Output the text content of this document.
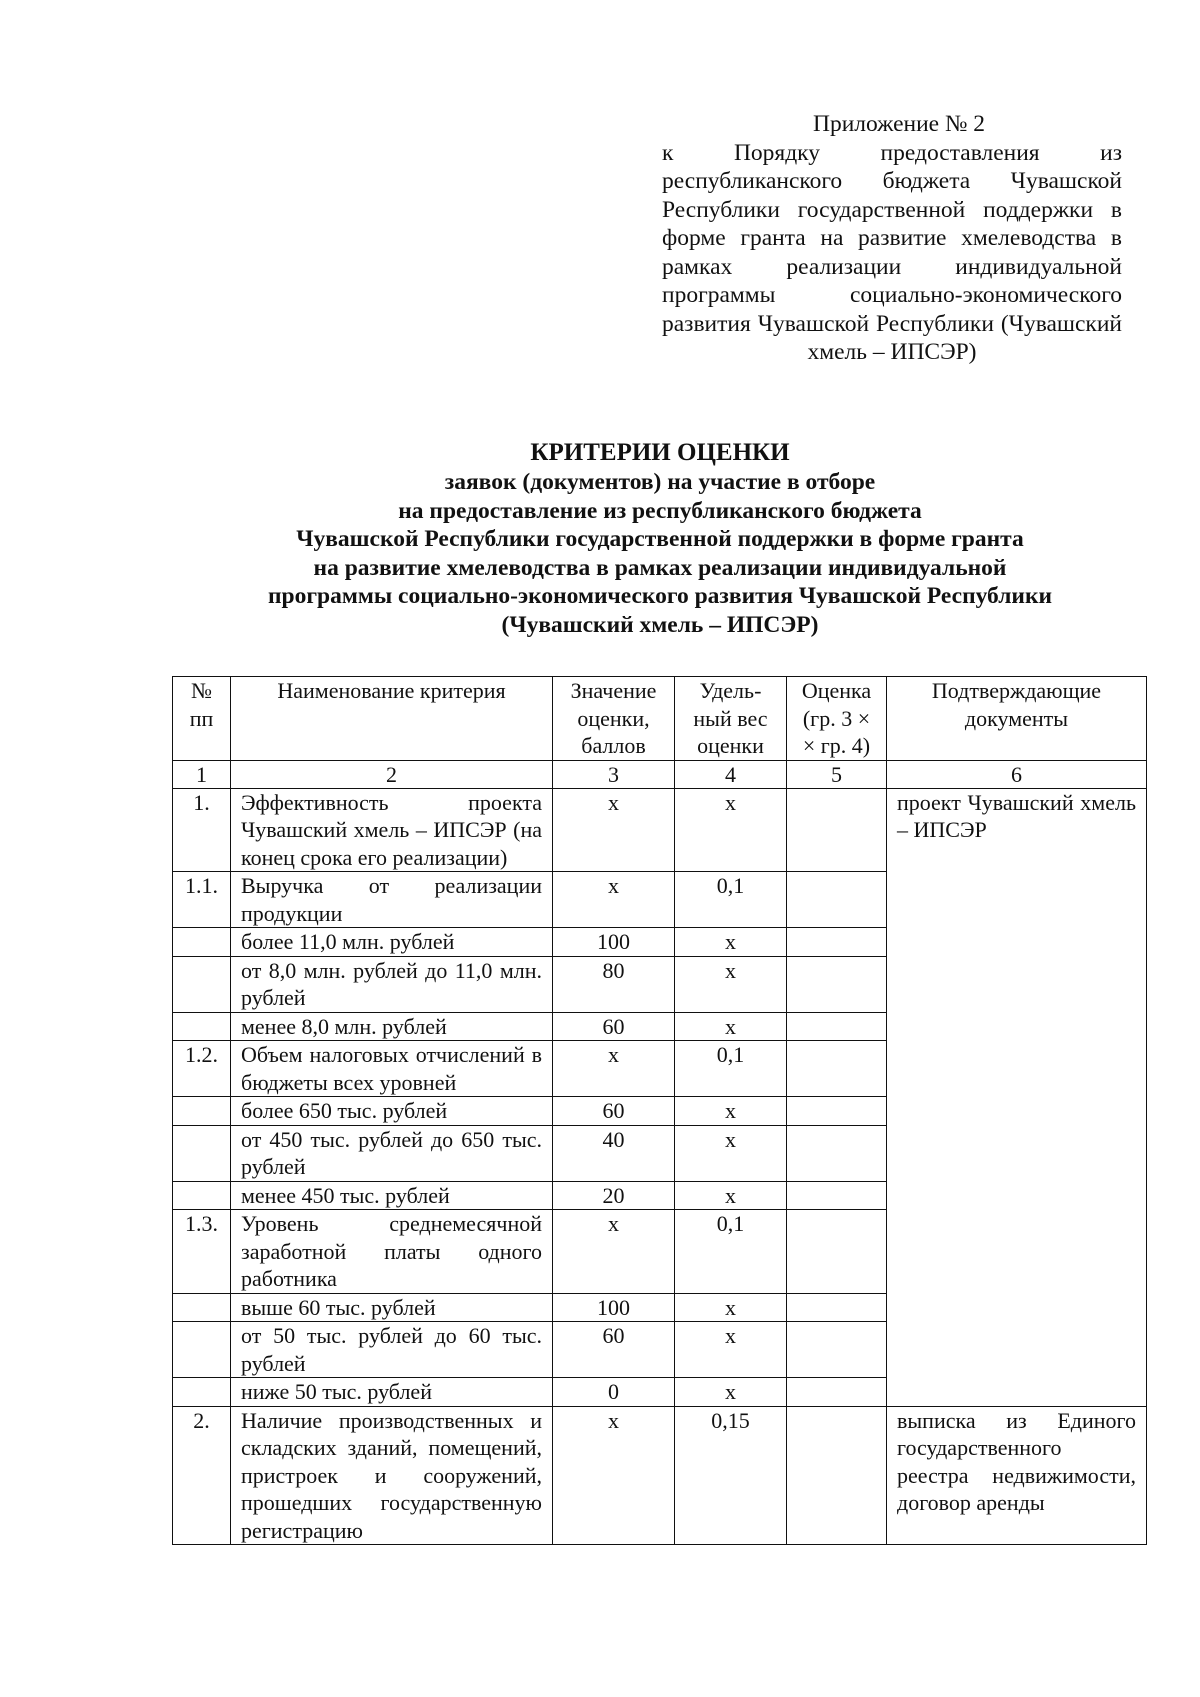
Приложение № 2
к Порядку предоставления из республиканского бюджета Чувашской Республики государственной поддержки в форме гранта на развитие хмелеводства в рамках реализации индивидуальной программы социально-экономического развития Чувашской Республики (Чувашский хмель – ИПСЭР)
КРИТЕРИИ ОЦЕНКИ
заявок (документов) на участие в отборе
на предоставление из республиканского бюджета
Чувашской Республики государственной поддержки в форме гранта
на развитие хмелеводства в рамках реализации индивидуальной
программы социально-экономического развития Чувашской Республики
(Чувашский хмель – ИПСЭР)
№ пп	Наименование критерия	Значение оценки, баллов	Удельный вес оценки	Оценка (гр. 3 × × гр. 4)	Подтверждающие документы
1	2	3	4	5	6
1.	Эффективность проекта Чувашский хмель – ИПСЭР (на конец срока его реализации)	х	х		проект Чувашский хмель – ИПСЭР
1.1.	Выручка от реализации продукции	х	0,1		
	более 11,0 млн. рублей	100	х		
	от 8,0 млн. рублей до 11,0 млн. рублей	80	х		
	менее 8,0 млн. рублей	60	х		
1.2.	Объем налоговых отчислений в бюджеты всех уровней	х	0,1		
	более 650 тыс. рублей	60	х		
	от 450 тыс. рублей до 650 тыс. рублей	40	х		
	менее 450 тыс. рублей	20	х		
1.3.	Уровень среднемесячной заработной платы одного работника	х	0,1		
	выше 60 тыс. рублей	100	х		
	от 50 тыс. рублей до 60 тыс. рублей	60	х		
	ниже 50 тыс. рублей	0	х		
2.	Наличие производственных и складских зданий, помещений, пристроек и сооружений, прошедших государственную регистрацию	х	0,15		выписка из Единого государственного реестра недвижимости, договор аренды
